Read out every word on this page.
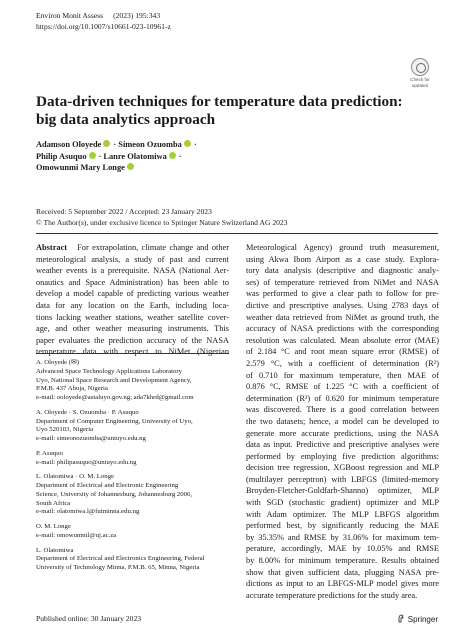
Environ Monit Assess (2023) 195:343
https://doi.org/10.1007/s10661-023-10961-z
Check for
updates
Data-driven techniques for temperature data prediction: big data analytics approach
Adamson Oloyede · Simeon Ozuomba ·
Philip Asuquo · Lanre Olatomiwa ·
Omowunmi Mary Longe
Received: 5 September 2022 / Accepted: 23 January 2023
© The Author(s), under exclusive licence to Springer Nature Switzerland AG 2023
Abstract For extrapolation, climate change and other
meteorological analysis, a study of past and current
weather events is a prerequisite. NASA (National Aer-
onautics and Space Administration) has been able to
develop a model capable of predicting various weather
data for any location on the Earth, including loca-
tions lacking weather stations, weather satellite cover-
age, and other weather measuring instruments. This
paper evaluates the prediction accuracy of the NASA
temperature data with respect to NiMet (Nigerian
Meteorological Agency) ground truth measurement,
using Akwa Ibom Airport as a case study. Explora-
tory data analysis (descriptive and diagnostic analy-
ses) of temperature retrieved from NiMet and NASA
was performed to give a clear path to follow for pre-
dictive and prescriptive analyses. Using 2783 days of
weather data retrieved from NiMet as ground truth, the
accuracy of NASA predictions with the corresponding
resolution was calculated. Mean absolute error (MAE)
of 2.184 °C and root mean square error (RMSE) of
2.579 °C, with a coefficient of determination (R²)
of 0.710 for maximum temperature, then MAE of
0.876 °C, RMSE of 1.225 °C with a coefficient of
determination (R²) of 0.620 for minimum temperature
was discovered. There is a good correlation between
the two datasets; hence, a model can be developed to
generate more accurate predictions, using the NASA
data as input. Predictive and prescriptive analyses were
performed by employing five prediction algorithms:
decision tree regression, XGBoost regression and MLP
(multilayer perceptron) with LBFGS (limited-memory
Broyden-Fletcher-Goldfarb-Shanno) optimizer, MLP
with SGD (stochastic gradient) optimizer and MLP
with Adam optimizer. The MLP LBFGS algorithm
performed best, by significantly reducing the MAE
by 35.35% and RMSE by 31.06% for maximum tem-
perature, accordingly, MAE by 10.05% and RMSE
by 8.00% for minimum temperature. Results obtained
show that given sufficient data, plugging NASA pre-
dictions as input to an LBFGS-MLP model gives more
accurate temperature predictions for the study area.
A. Oloyede (✉)
Advanced Space Technology Applications Laboratory
Uyo, National Space Research and Development Agency,
P.M.B. 437 Abuja, Nigeria
e-mail: ooloyede@astaluyo.gov.ng; ada7khrd@gmail.com
A. Oloyede · S. Ozuomba · P. Asuquo
Department of Computer Engineering, University of Uyo,
Uyo 520103, Nigeria
e-mail: simeonozuomba@uniuyo.edu.ng
P. Asuquo
e-mail: philipasuquo@uniuyo.edu.ng
L. Olatomiwa · O. M. Longe
Department of Electrical and Electronic Engineering
Science, University of Johannesburg, Johannesburg 2006,
South Africa
e-mail: olatomiwa.l@futminna.edu.ng
O. M. Longe
e-mail: omowunmil@uj.ac.za
L. Olatomiwa
Department of Electrical and Electronics Engineering, Federal
University of Technology Minna, P.M.B. 65, Minna, Nigeria
Published online: 30 January 2023	Springer
